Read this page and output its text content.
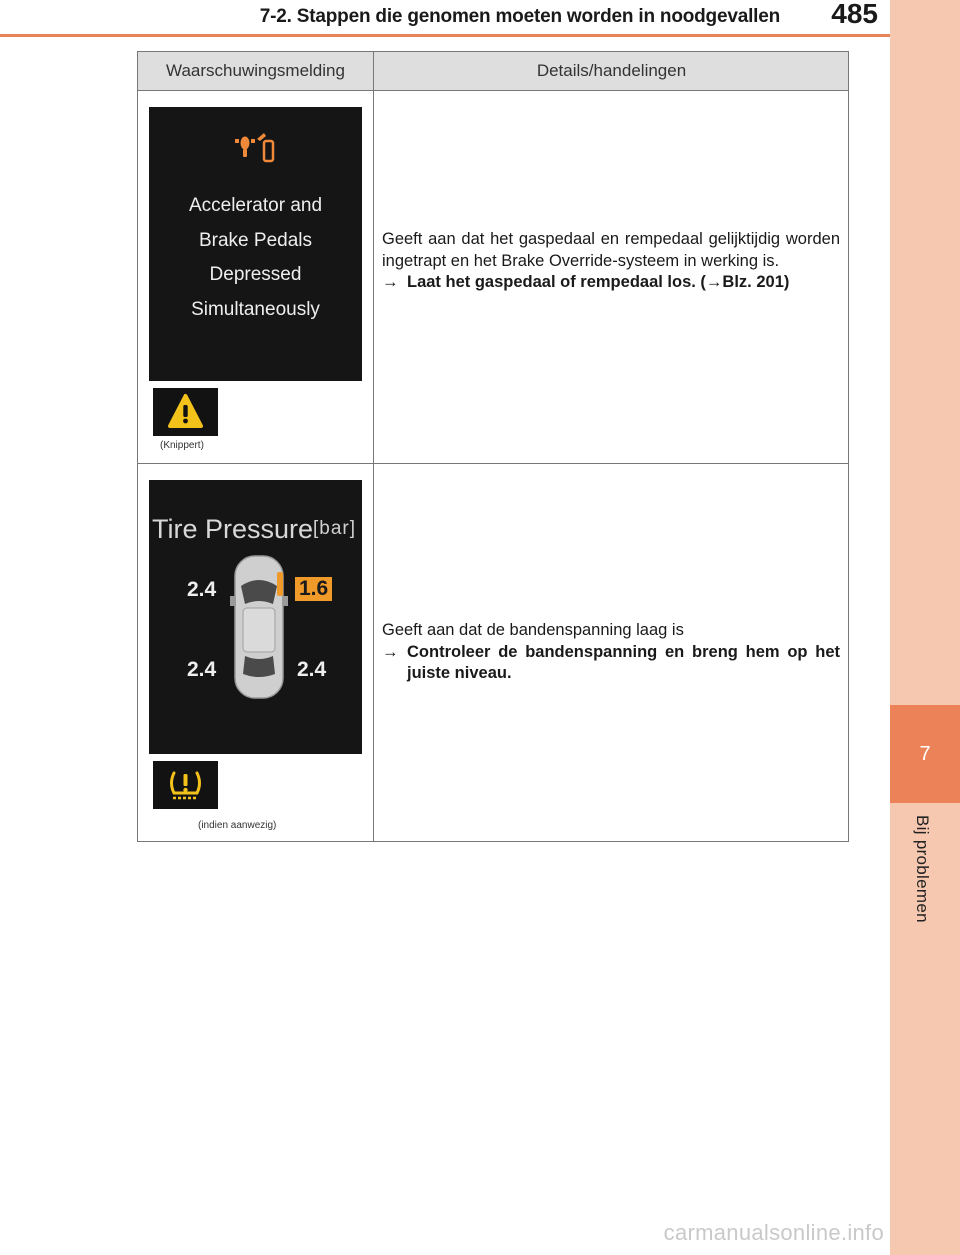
7-2. Stappen die genomen moeten worden in noodgevallen 485
7
Bij problemen
Waarschuwingsmelding	Details/handelingen
Accelerator and
Brake Pedals
Depressed
Simultaneously
(Knippert)
Geeft aan dat het gaspedaal en rempedaal gelijktijdig worden ingetrapt en het Brake Override-systeem in werking is.
→ Laat het gaspedaal of rempedaal los. (→Blz. 201)
Tire Pressure [bar]
2.4	1.6
2.4	2.4
(indien aanwezig)
Geeft aan dat de bandenspanning laag is
→ Controleer de bandenspanning en breng hem op het juiste niveau.
carmanualsonline.info
